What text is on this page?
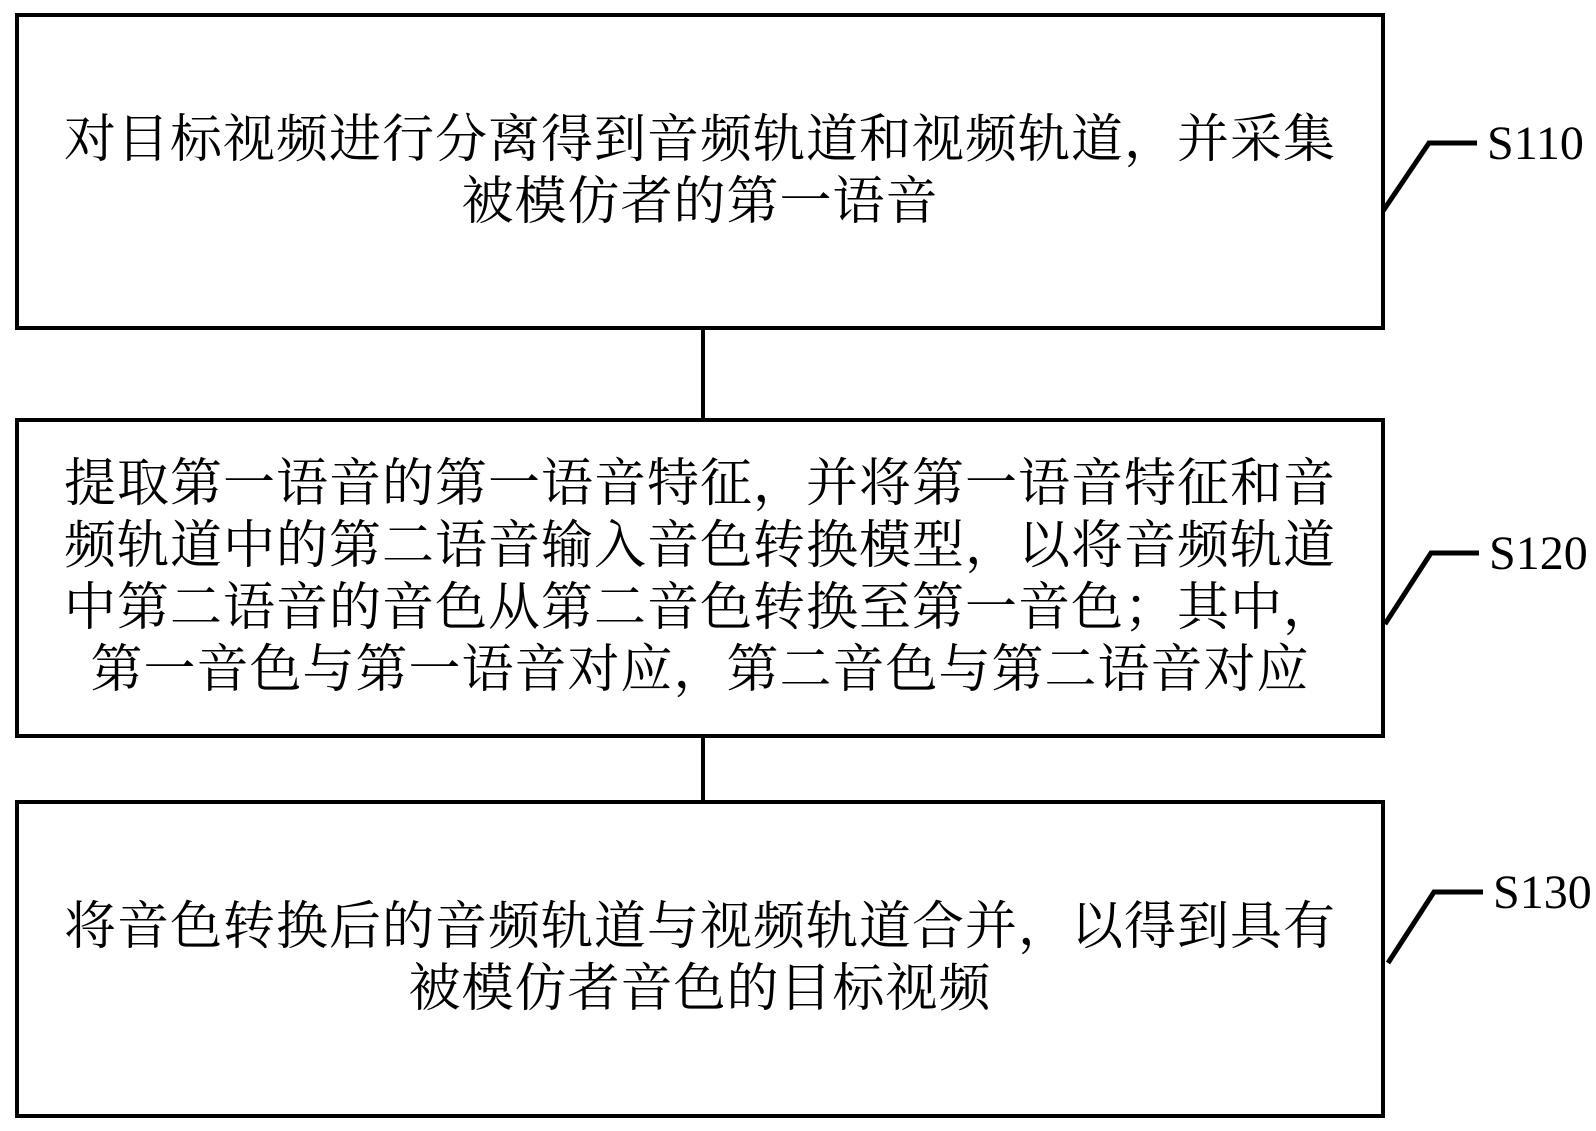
对目标视频进行分离得到音频轨道和视频轨道，并采集
被模仿者的第一语音
提取第一语音的第一语音特征，并将第一语音特征和音
频轨道中的第二语音输入音色转换模型，以将音频轨道
中第二语音的音色从第二音色转换至第一音色；其中，
第一音色与第一语音对应，第二音色与第二语音对应
将音色转换后的音频轨道与视频轨道合并，以得到具有
被模仿者音色的目标视频
S110
S120
S130
